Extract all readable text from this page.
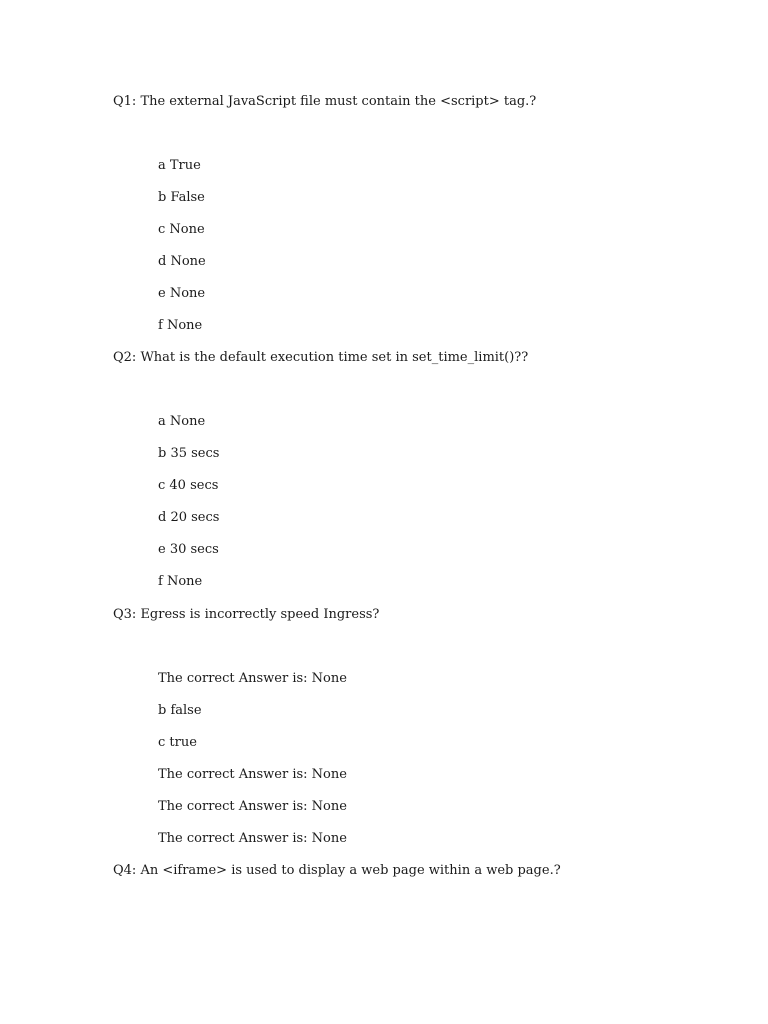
Q1: The external JavaScript file must contain the <script> tag.?
a True
b False
c None
d None
e None
f None
Q2: What is the default execution time set in set_time_limit()??
a None
b 35 secs
c 40 secs
d 20 secs
e 30 secs
f None
Q3: Egress is incorrectly speed Ingress?
The correct Answer is: None
b false
c true
The correct Answer is: None
The correct Answer is: None
The correct Answer is: None
Q4: An <iframe> is used to display a web page within a web page.?
